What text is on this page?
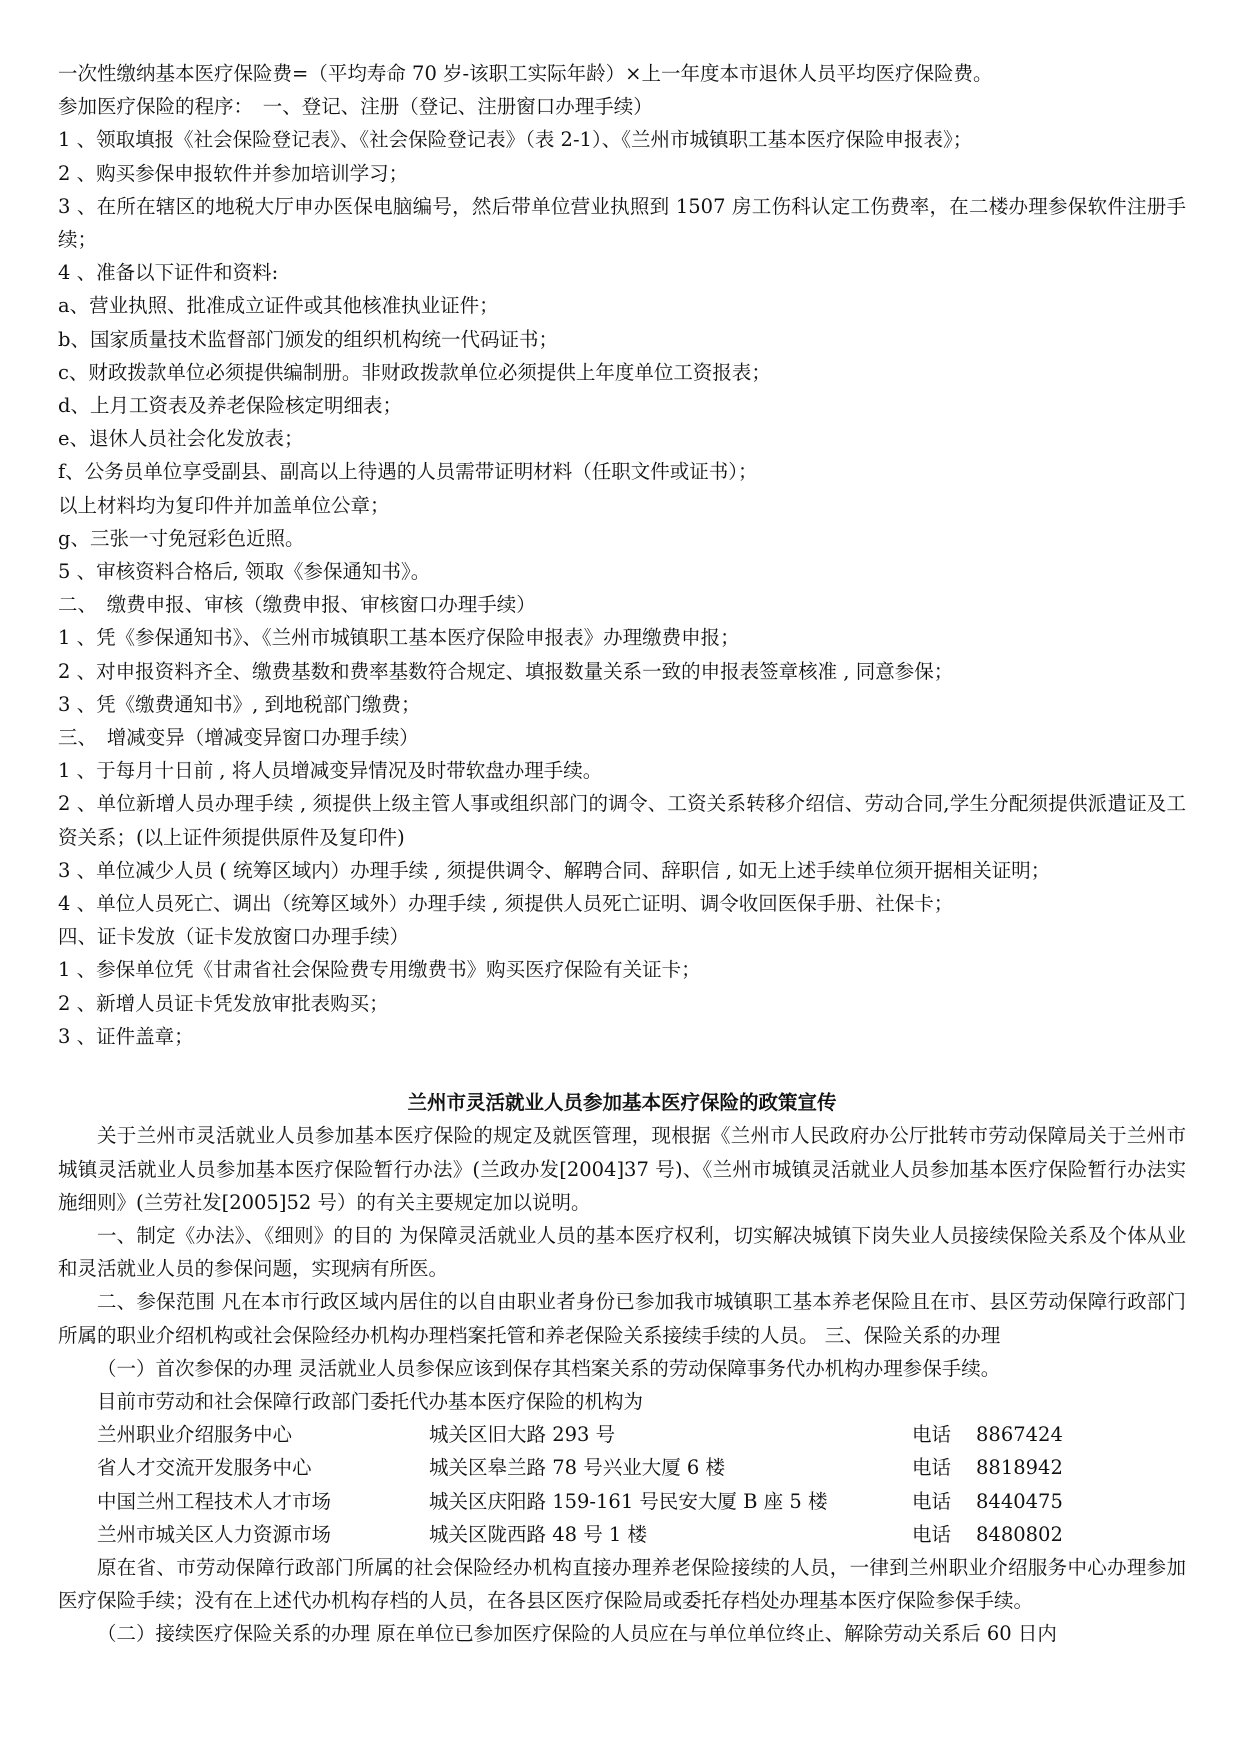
一次性缴纳基本医疗保险费=（平均寿命 70 岁-该职工实际年龄）×上一年度本市退休人员平均医疗保险费。
参加医疗保险的程序：　一、登记、注册（登记、注册窗口办理手续）
1 、领取填报《社会保险登记表》、《社会保险登记表》（表 2-1）、《兰州市城镇职工基本医疗保险申报表》；
2 、购买参保申报软件并参加培训学习；
3 、在所在辖区的地税大厅申办医保电脑编号，然后带单位营业执照到 1507 房工伤科认定工伤费率，在二楼办理参保软件注册手续；
4 、准备以下证件和资料:
a、营业执照、批准成立证件或其他核准执业证件；
b、国家质量技术监督部门颁发的组织机构统一代码证书；
c、财政拨款单位必须提供编制册。非财政拨款单位必须提供上年度单位工资报表；
d、上月工资表及养老保险核定明细表；
e、退休人员社会化发放表；
f、公务员单位享受副县、副高以上待遇的人员需带证明材料（任职文件或证书）；
以上材料均为复印件并加盖单位公章；
g、三张一寸免冠彩色近照。
5 、审核资料合格后, 领取《参保通知书》。
二、　缴费申报、审核（缴费申报、审核窗口办理手续）
1 、凭《参保通知书》、《兰州市城镇职工基本医疗保险申报表》办理缴费申报；
2 、对申报资料齐全、缴费基数和费率基数符合规定、填报数量关系一致的申报表签章核准 , 同意参保；
3 、凭《缴费通知书》, 到地税部门缴费；
三、　增减变异（增减变异窗口办理手续）
1 、于每月十日前 , 将人员增减变异情况及时带软盘办理手续。
2 、单位新增人员办理手续 , 须提供上级主管人事或组织部门的调令、工资关系转移介绍信、劳动合同,学生分配须提供派遣证及工资关系；(以上证件须提供原件及复印件)
3 、单位减少人员 ( 统筹区域内）办理手续 , 须提供调令、解聘合同、辞职信 , 如无上述手续单位须开据相关证明；
4 、单位人员死亡、调出（统筹区域外）办理手续 , 须提供人员死亡证明、调令收回医保手册、社保卡；
四、证卡发放（证卡发放窗口办理手续）
1 、参保单位凭《甘肃省社会保险费专用缴费书》购买医疗保险有关证卡；
2 、新增人员证卡凭发放审批表购买；
3 、证件盖章；
兰州市灵活就业人员参加基本医疗保险的政策宣传
关于兰州市灵活就业人员参加基本医疗保险的规定及就医管理，现根据《兰州市人民政府办公厅批转市劳动保障局关于兰州市城镇灵活就业人员参加基本医疗保险暂行办法》(兰政办发[2004]37 号)、《兰州市城镇灵活就业人员参加基本医疗保险暂行办法实施细则》(兰劳社发[2005]52 号）的有关主要规定加以说明。
一、制定《办法》、《细则》的目的 为保障灵活就业人员的基本医疗权利，切实解决城镇下岗失业人员接续保险关系及个体从业和灵活就业人员的参保问题，实现病有所医。
二、参保范围 凡在本市行政区域内居住的以自由职业者身份已参加我市城镇职工基本养老保险且在市、县区劳动保障行政部门所属的职业介绍机构或社会保险经办机构办理档案托管和养老保险关系接续手续的人员。 三、保险关系的办理
（一）首次参保的办理 灵活就业人员参保应该到保存其档案关系的劳动保障事务代办机构办理参保手续。
目前市劳动和社会保障行政部门委托代办基本医疗保险的机构为
兰州职业介绍服务中心	城关区旧大路 293 号	电话	8867424
省人才交流开发服务中心	城关区皋兰路 78 号兴业大厦 6 楼	电话	8818942
中国兰州工程技术人才市场	城关区庆阳路 159-161 号民安大厦 B 座 5 楼	电话	8440475
兰州市城关区人力资源市场	城关区陇西路 48 号 1 楼	电话	8480802
原在省、市劳动保障行政部门所属的社会保险经办机构直接办理养老保险接续的人员，一律到兰州职业介绍服务中心办理参加医疗保险手续；没有在上述代办机构存档的人员，在各县区医疗保险局或委托存档处办理基本医疗保险参保手续。
（二）接续医疗保险关系的办理 原在单位已参加医疗保险的人员应在与单位单位终止、解除劳动关系后 60 日内
